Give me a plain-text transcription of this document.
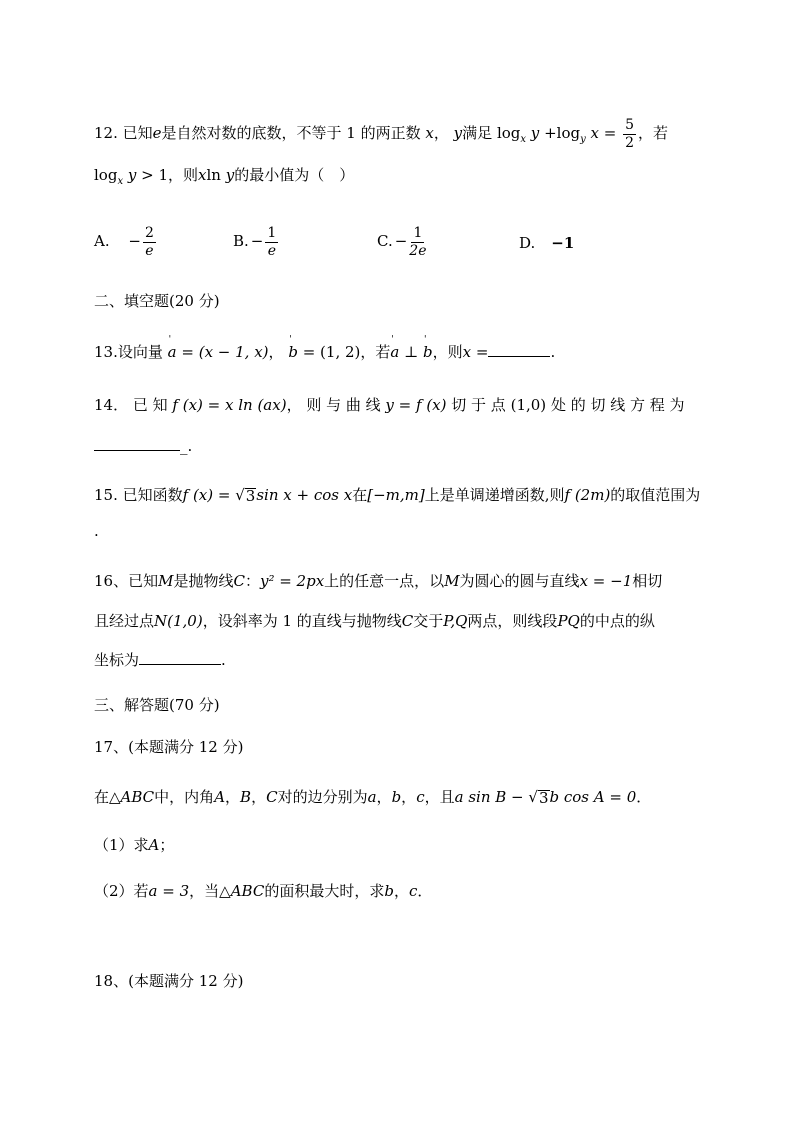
12. 已知e是自然对数的底数，不等于 1 的两正数 x， y满足 $\log_x y +\log_y$ $x = \frac{5}{2}$ ，若
$\log_x y > 1$，则xln y的最小值为（　）
A. − $\frac{2}{e}$	B. − $\frac{1}{e}$	C. − $\frac{1}{2e}$	D. −1
二、填空题(20 分)
13.设向量 ' a = (x − 1, x)， ' b = (1, 2)，若' a ⊥ ' b，则x =	.
14． 已 知 f (x) = x ln (ax)， 则 与 曲 线 y = f (x) 切 于 点 (1,0) 处 的 切 线 方 程 为
_.
15. 已知函数f (x) = √ 3 sin x + cos x在[−m,m]上是单调递增函数,则f (2m)的取值范围为
.
16、已知M是抛物线C：y² = 2px上的任意一点，以M为圆心的圆与直线x = −1相切
且经过点N(1,0)，设斜率为 1 的直线与抛物线C交于P,Q两点，则线段PQ的中点的纵
坐标为	.
三、解答题(70 分)
17、(本题满分 12 分)
在△ABC中，内角A，B，C对的边分别为a，b，c，且a sin B − √ 3 b cos A = 0．
（1）求A；
（2）若a = 3，当△ABC的面积最大时，求b，c．
18、(本题满分 12 分)
